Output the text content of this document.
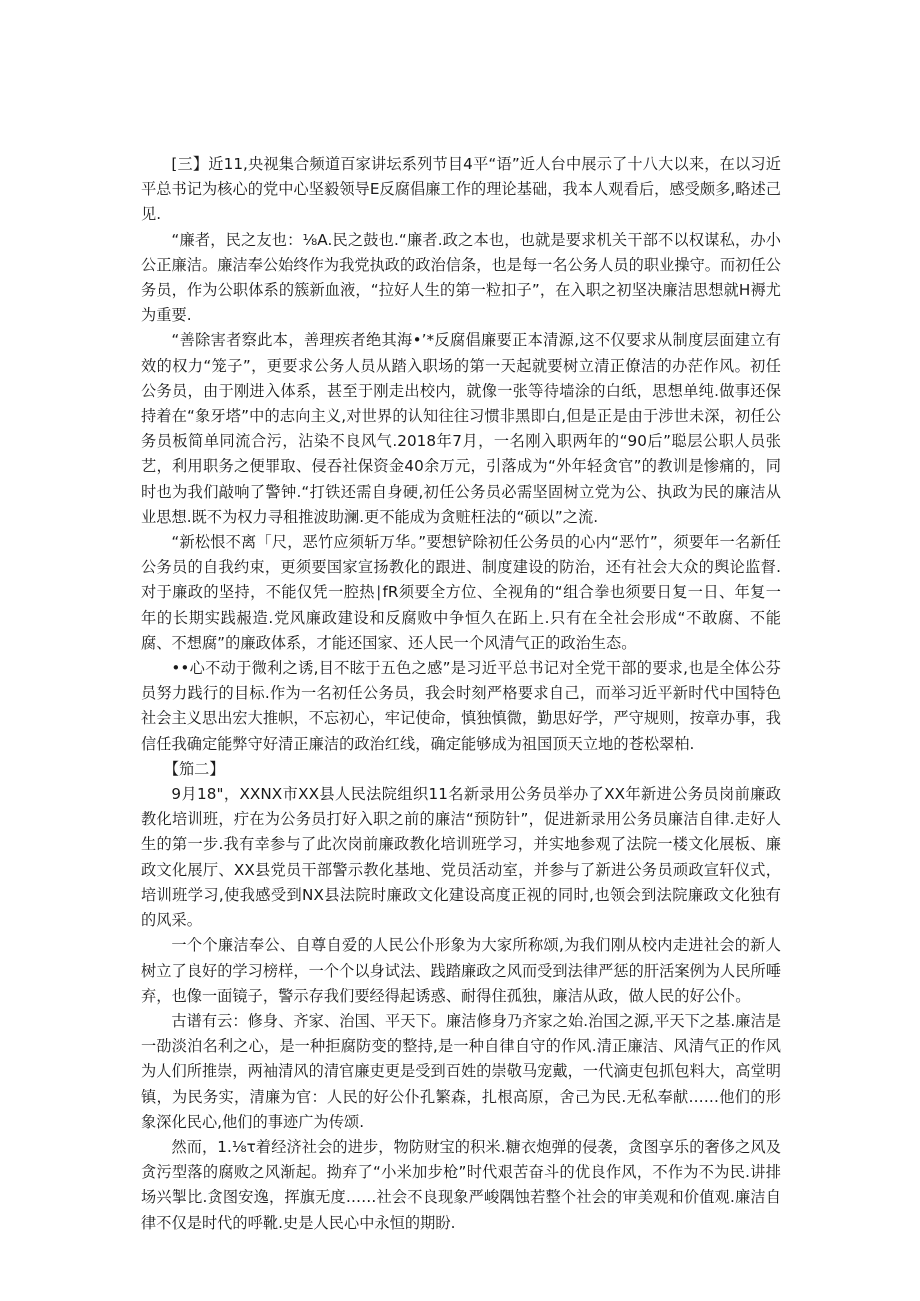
[三】近11,央视集合频道百家讲坛系列节目4平“语”近人台中展示了十八大以来，在以习近平总书记为核心的党中心坚毅领导E反腐倡廉工作的理论基础，我本人观看后，感受颇多,略述己见.

“廉者，民之友也：⅛A.民之鼓也.“廉者.政之本也，也就是要求机关干部不以权谋私，办小公正廉洁。廉洁奉公始终作为我党执政的政治信条，也是每一名公务人员的职业操守。而初任公务员，作为公职体系的簇新血液，“拉好人生的第一粒扣子”，在入职之初坚决廉洁思想就H褥尤为重要.

“善除害者察此本，善理疾者绝其海•’*反腐倡廉要正本清源,这不仅要求从制度层面建立有效的权力“笼子”，更要求公务人员从踏入职场的第一天起就要树立清正僚洁的办茫作风。初任公务员，由于刚进入体系，甚至于刚走出校内，就像一张等待墙涂的白纸，思想单纯.做事还保持着在“象牙塔”中的志向主义,对世界的认知往往习惯非黑即白,但是正是由于涉世未深，初任公务员板简单同流合污，沾染不良风气.2018年7月，一名刚入职两年的“90后”聪层公职人员张艺，利用职务之便罪取、侵吞社保资金40余万元，引落成为“外年轻贪官”的教训是惨痛的，同时也为我们敲响了警钟.“打铁还需自身硬,初任公务员必需坚固树立党为公、执政为民的廉洁从业思想.既不为权力寻租推波助澜.更不能成为贪赃枉法的“硕以”之流.

“新松恨不离「尺，恶竹应须斩万华。”要想铲除初任公务员的心内“恶竹”，须要年一名新任公务员的自我约束，更须要国家宣扬教化的跟进、制度建设的防治，还有社会大众的舆论监督.对于廉政的坚持，不能仅凭一腔热∣fR须要全方位、全视角的“组合拳也须要日复一日、年复一年的长期实践赧造.党风廉政建设和反腐败中争恒久在跖上.只有在全社会形成“不敢腐、不能腐、不想腐”的廉政体系，才能还国家、还人民一个风清气正的政治生态。

••心不动于微利之诱,目不眩于五色之感”是习近平总书记对全党干部的要求,也是全体公芬员努力践行的目标.作为一名初任公务员，我会时刻严格要求自己，而举习近平新时代中国特色社会主义思出宏大推帜，不忘初心，牢记使命，慎独慎微，勤思好学，严守规则，按章办事，我信任我确定能弊守好清正廉洁的政治红线，确定能够成为祖国顶天立地的苍松翠柏.

【笳二】

9月18"，XXNX市XX县人民法院组织11名新录用公务员举办了XX年新进公务员岗前廉政教化培训班，疔在为公务员打好入职之前的廉洁“预防针”，促进新录用公务员廉洁自律.走好人生的第一步.我有幸参与了此次岗前廉政教化培训班学习，并实地参观了法院一楼文化展板、廉政文化展厅、XX县党员干部警示教化基地、党员活动室，并参与了新进公务员顽政宣轩仪式，培训班学习,使我感受到NX县法院时廉政文化建设高度正视的同时,也领会到法院廉政文化独有的风采。

一个个廉洁奉公、自尊自爱的人民公仆形象为大家所称颂,为我们刚从校内走进社会的新人树立了良好的学习榜样，一个个以身试法、践踏廉政之风而受到法律严惩的肝活案例为人民所唾弃，也像一面镜子，警示存我们要经得起诱惑、耐得住孤独，廉洁从政，做人民的好公仆。

古谱有云：修身、齐家、治国、平天下。廉洁修身乃齐家之始.治国之源,平天下之基.廉洁是一劭淡泊名利之心，是一种拒腐防变的整持,是一种自律自守的作风.清正廉洁、风清气正的作风为人们所推崇，两袖清风的清官廉吏更是受到百姓的崇敬马宠戴，一代滴吏包抓包料大，高堂明镇，为民务实，清廉为官：人民的好公仆孔繁森，扎根高原，舍己为民.无私奉献……他们的形象深化民心,他们的事迹广为传颂.

然而，1.⅛τ着经济社会的进步，物防财宝的积米.糖衣炮弹的侵袭，贪图享乐的奢侈之风及贪污型落的腐败之风渐起。拗弃了“小米加步枪”时代艰苦奋斗的优良作风，不作为不为民.讲排场兴掣比.贪图安逸，挥旗无度……社会不良现象严峻隅蚀若整个社会的审美观和价值观.廉洁自律不仅是时代的呼靴.史是人民心中永恒的期盼.
